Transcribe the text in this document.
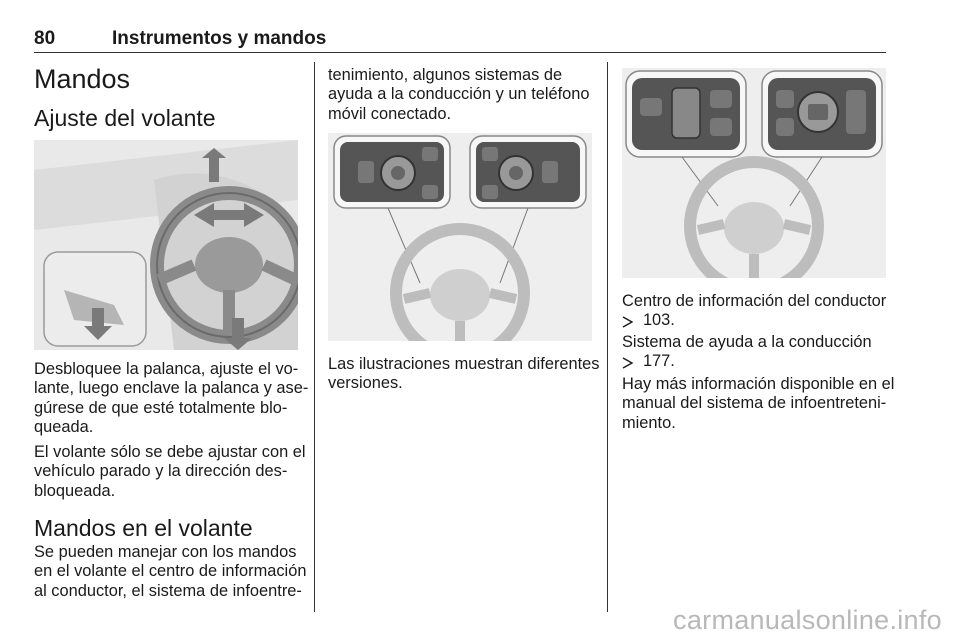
80	Instrumentos y mandos
Mandos
Ajuste del volante
Desbloquee la palanca, ajuste el vo-
lante, luego enclave la palanca y ase-
gúrese de que esté totalmente blo-
queada.
El volante sólo se debe ajustar con el
vehículo parado y la dirección des-
bloqueada.
Mandos en el volante
Se pueden manejar con los mandos
en el volante el centro de información
al conductor, el sistema de infoentre-
tenimiento, algunos sistemas de
ayuda a la conducción y un teléfono
móvil conectado.
Las ilustraciones muestran diferentes
versiones.
Centro de información del conductor
  103.
Sistema de ayuda a la conducción
  177.
Hay más información disponible en el
manual del sistema de infoentreteni-
miento.
carmanualsonline.info
